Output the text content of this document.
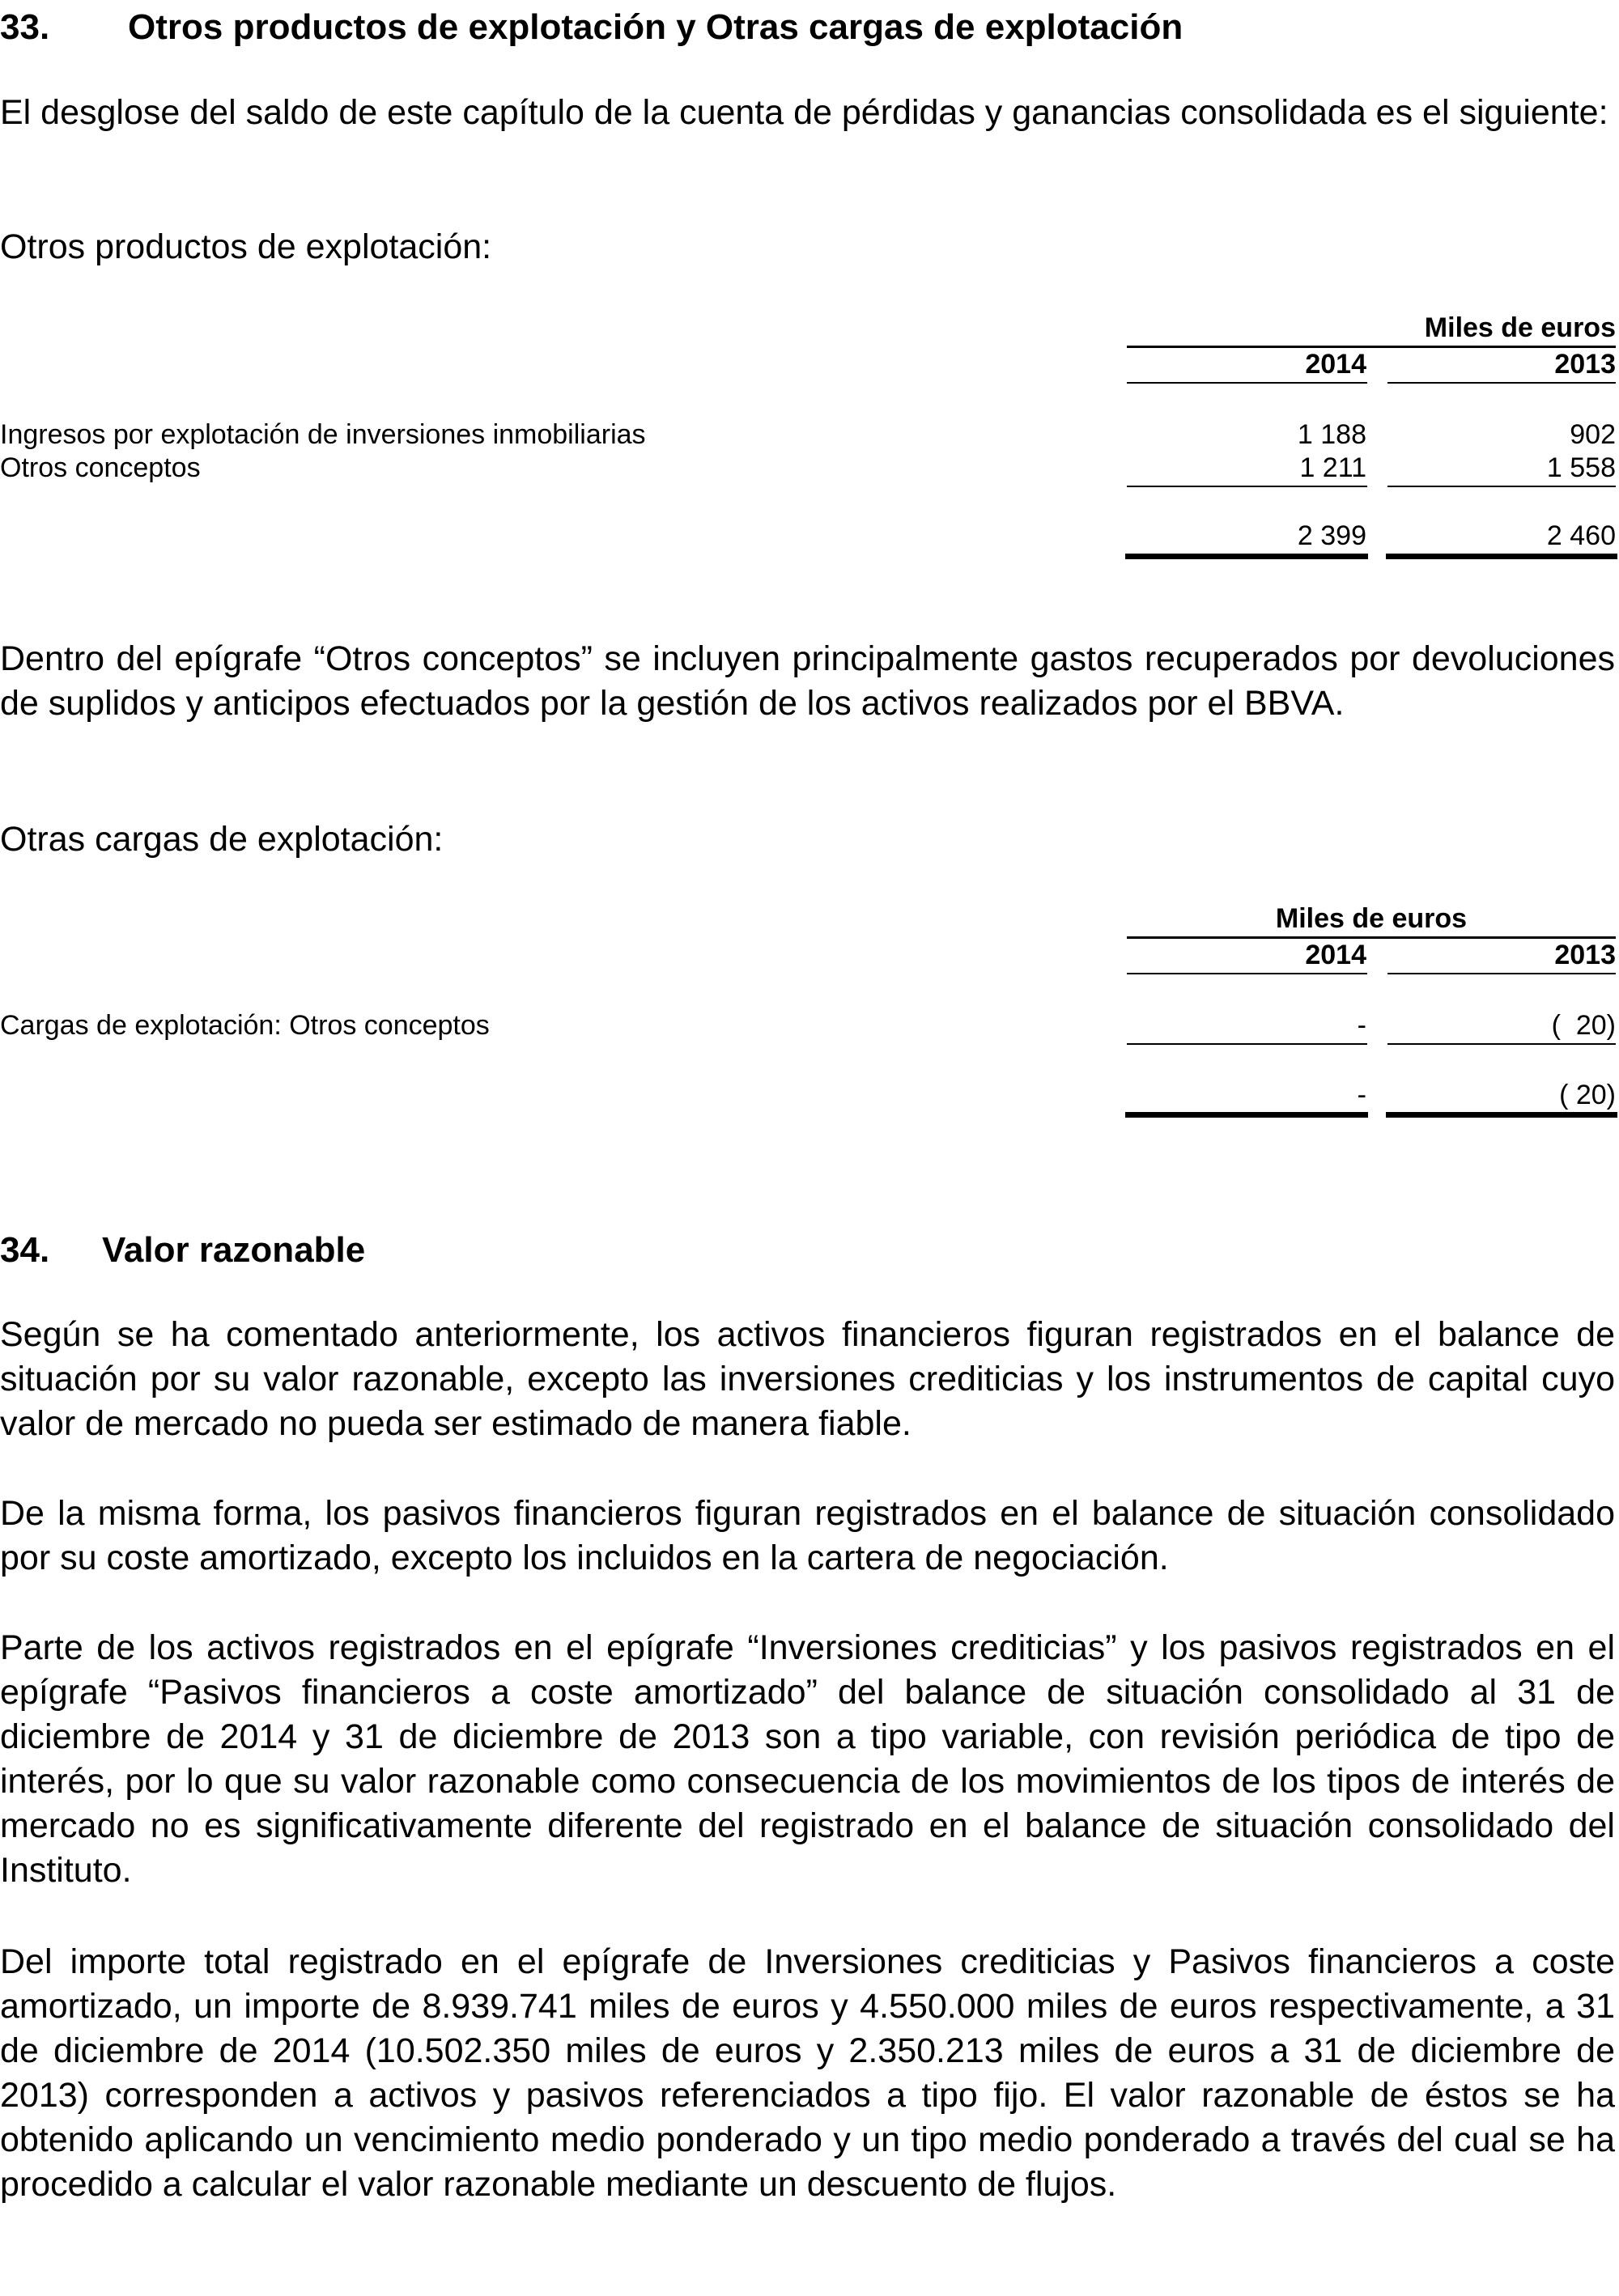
33. Otros productos de explotación y Otras cargas de explotación

El desglose del saldo de este capítulo de la cuenta de pérdidas y ganancias consolidada es el siguiente:

Otros productos de explotación:
Miles de euros
2014	2013
Ingresos por explotación de inversiones inmobiliarias	1 188	902
Otros conceptos	1 211	1 558
2 399	2 460

Dentro del epígrafe “Otros conceptos” se incluyen principalmente gastos recuperados por devoluciones de suplidos y anticipos efectuados por la gestión de los activos realizados por el BBVA.

Otras cargas de explotación:
Miles de euros
2014	2013
Cargas de explotación: Otros conceptos	-	(  20)
-	( 20)
34. Valor razonable

Según se ha comentado anteriormente, los activos financieros figuran registrados en el balance de situación por su valor razonable, excepto las inversiones crediticias y los instrumentos de capital cuyo valor de mercado no pueda ser estimado de manera fiable.

De la misma forma, los pasivos financieros figuran registrados en el balance de situación consolidado por su coste amortizado, excepto los incluidos en la cartera de negociación.

Parte de los activos registrados en el epígrafe “Inversiones crediticias” y los pasivos registrados en el epígrafe “Pasivos financieros a coste amortizado” del balance de situación consolidado al 31 de diciembre de 2014 y 31 de diciembre de 2013 son a tipo variable, con revisión periódica de tipo de interés, por lo que su valor razonable como consecuencia de los movimientos de los tipos de interés de mercado no es significativamente diferente del registrado en el balance de situación consolidado del Instituto.

Del importe total registrado en el epígrafe de Inversiones crediticias y Pasivos financieros a coste amortizado, un importe de 8.939.741 miles de euros y 4.550.000 miles de euros respectivamente, a 31 de diciembre de 2014 (10.502.350 miles de euros y 2.350.213 miles de euros a 31 de diciembre de 2013) corresponden a activos y pasivos referenciados a tipo fijo. El valor razonable de éstos se ha obtenido aplicando un vencimiento medio ponderado y un tipo medio ponderado a través del cual se ha procedido a calcular el valor razonable mediante un descuento de flujos.
